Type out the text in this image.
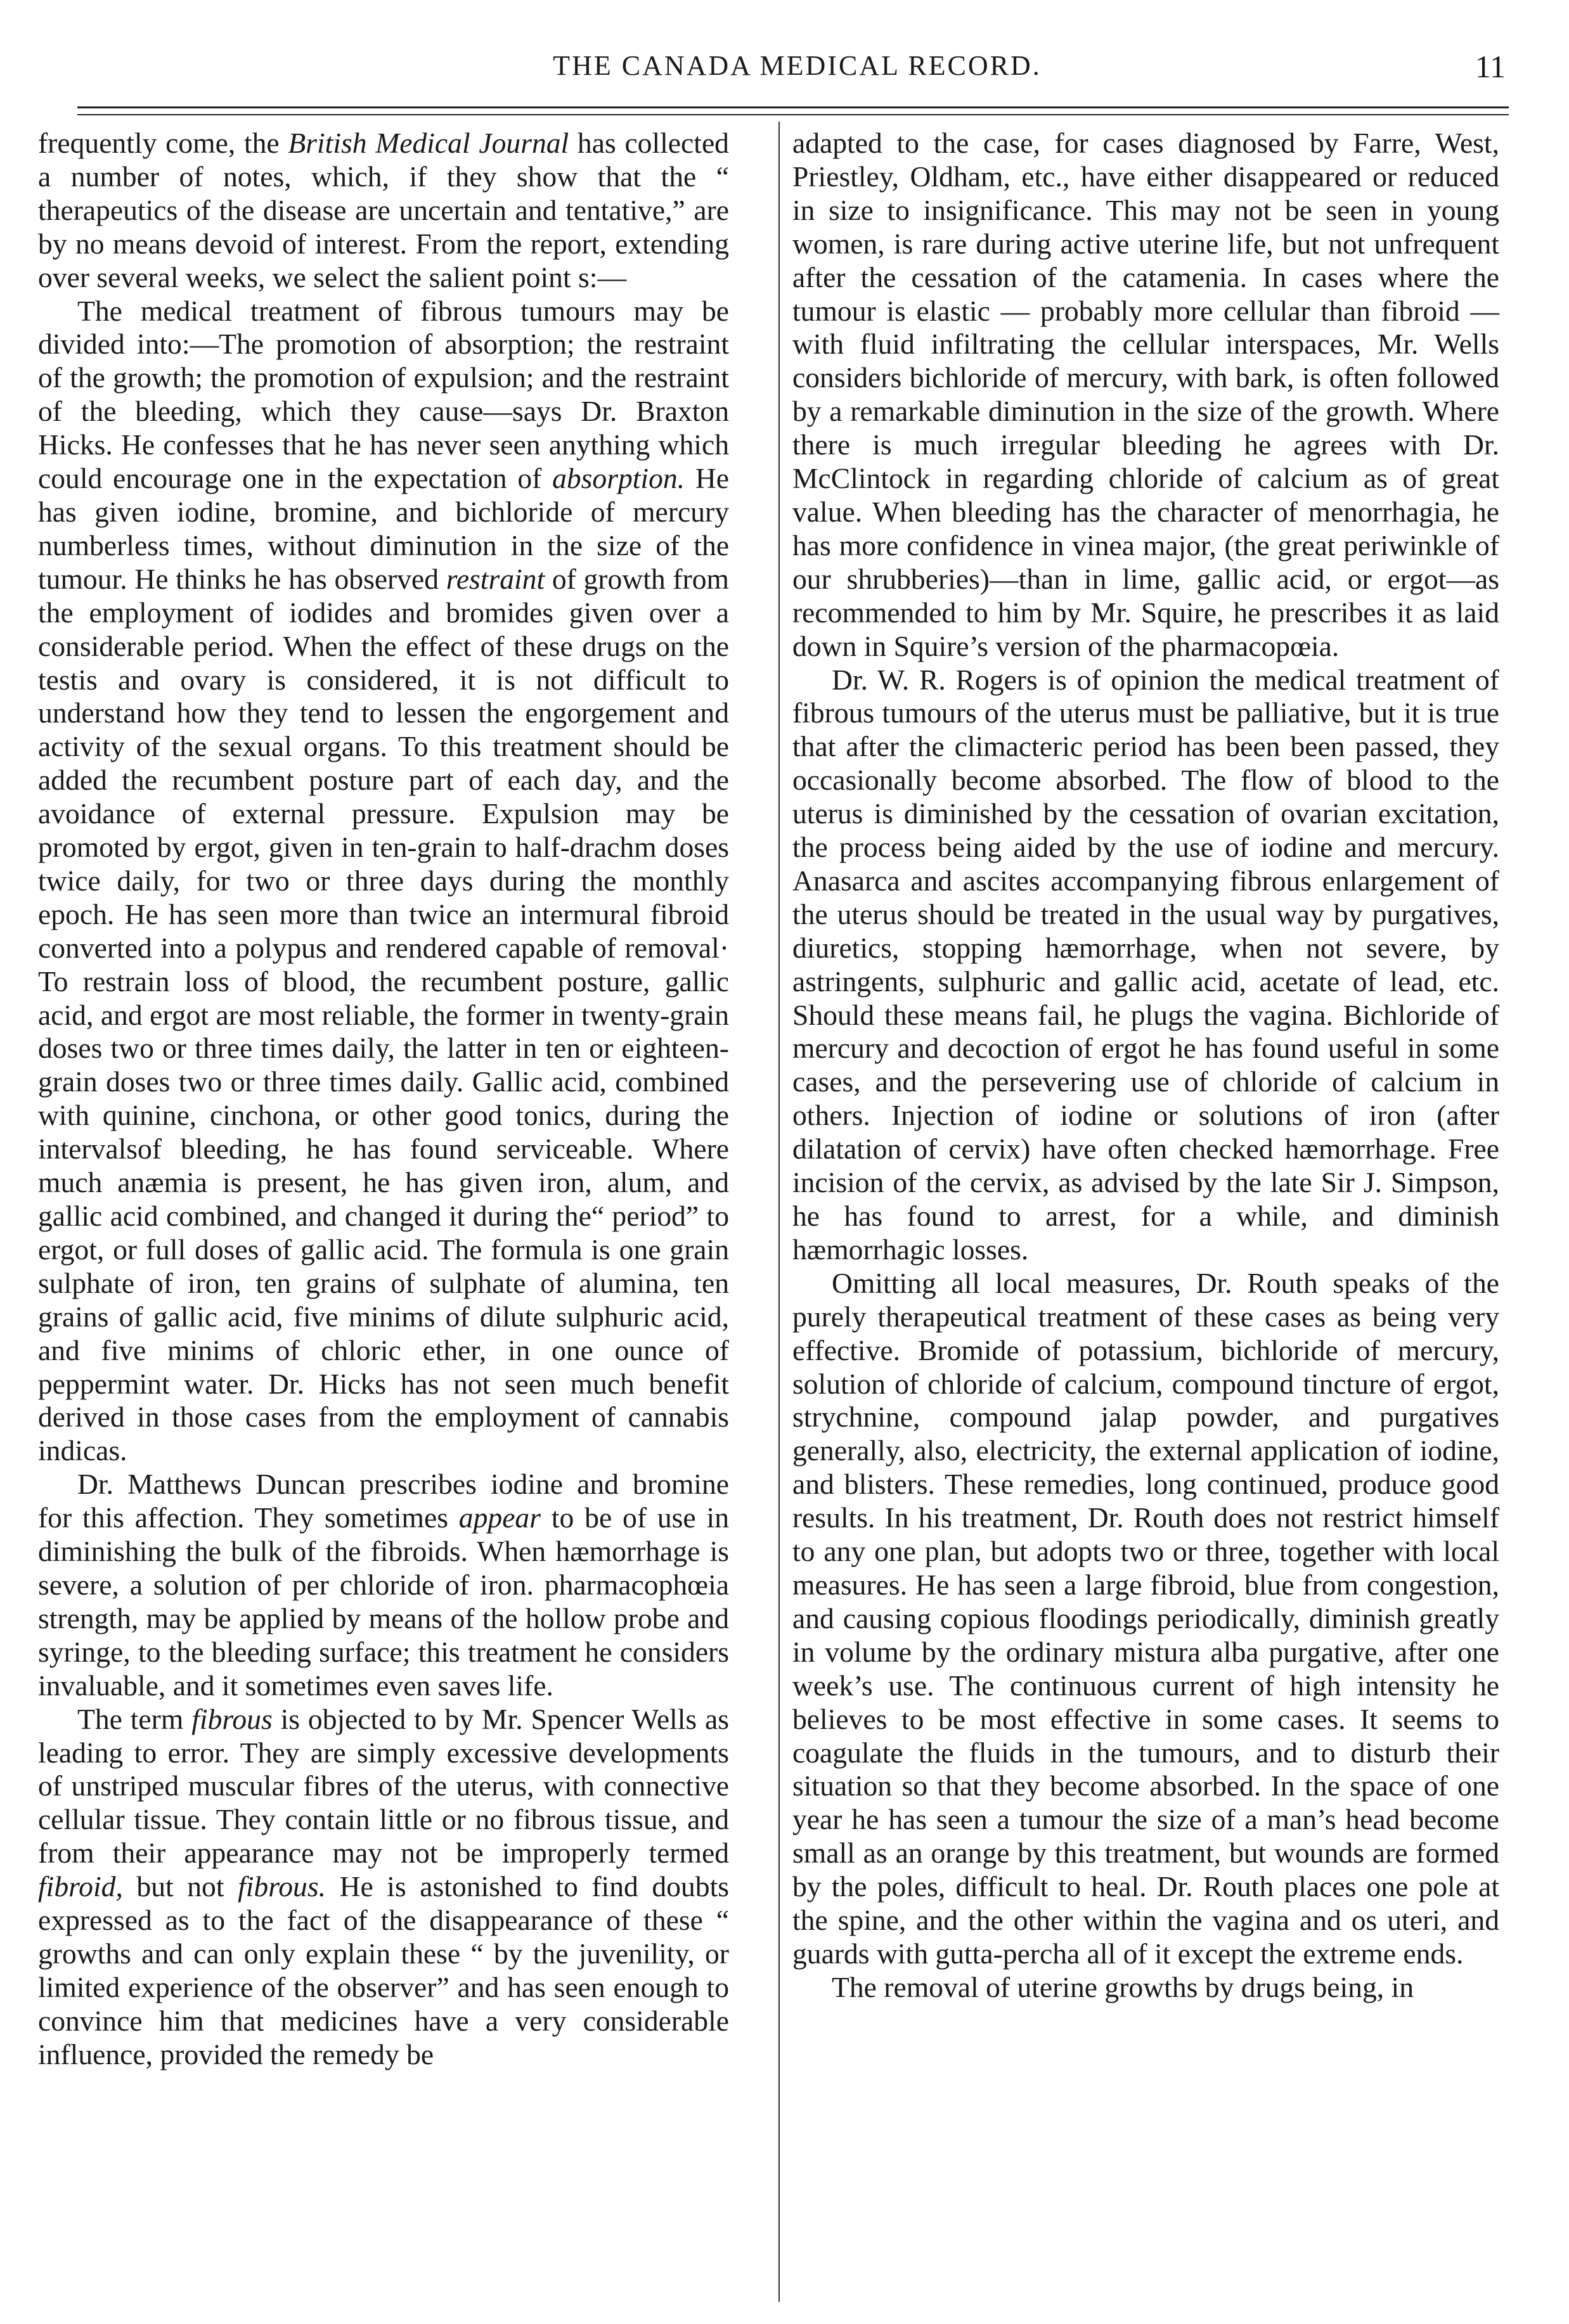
THE CANADA MEDICAL RECORD.	11

frequently come, the British Medical Journal has collected a number of notes, which, if they show that the “ therapeutics of the disease are uncertain and tentative,” are by no means devoid of interest. From the report, extending over several weeks, we select the salient point s:—

The medical treatment of fibrous tumours may be divided into:—The promotion of absorption; the restraint of the growth; the promotion of expulsion; and the restraint of the bleeding, which they cause—says Dr. Braxton Hicks. He confesses that he has never seen anything which could encourage one in the expectation of absorption. He has given iodine, bromine, and bichloride of mercury numberless times, without diminution in the size of the tumour. He thinks he has observed restraint of growth from the employment of iodides and bromides given over a considerable period. When the effect of these drugs on the testis and ovary is considered, it is not difficult to understand how they tend to lessen the engorgement and activity of the sexual organs. To this treatment should be added the recumbent posture part of each day, and the avoidance of external pressure. Expulsion may be promoted by ergot, given in ten-grain to half-drachm doses twice daily, for two or three days during the monthly epoch. He has seen more than twice an intermural fibroid converted into a polypus and rendered capable of removal· To restrain loss of blood, the recumbent posture, gallic acid, and ergot are most reliable, the former in twenty-grain doses two or three times daily, the latter in ten or eighteen-grain doses two or three times daily. Gallic acid, combined with quinine, cinchona, or other good tonics, during the intervalsof bleeding, he has found serviceable. Where much anæmia is present, he has given iron, alum, and gallic acid combined, and changed it during the“ period” to ergot, or full doses of gallic acid. The formula is one grain sulphate of iron, ten grains of sulphate of alumina, ten grains of gallic acid, five minims of dilute sulphuric acid, and five minims of chloric ether, in one ounce of peppermint water. Dr. Hicks has not seen much benefit derived in those cases from the employment of cannabis indicas.

Dr. Matthews Duncan prescribes iodine and bromine for this affection. They sometimes appear to be of use in diminishing the bulk of the fibroids. When hæmorrhage is severe, a solution of per chloride of iron. pharmacophœia strength, may be applied by means of the hollow probe and syringe, to the bleeding surface; this treatment he considers invaluable, and it sometimes even saves life.

The term fibrous is objected to by Mr. Spencer Wells as leading to error. They are simply excessive developments of unstriped muscular fibres of the uterus, with connective cellular tissue. They contain little or no fibrous tissue, and from their appearance may not be improperly termed fibroid, but not fibrous. He is astonished to find doubts expressed as to the fact of the disappearance of these “ growths and can only explain these “ by the juvenility, or limited experience of the observer” and has seen enough to convince him that medicines have a very considerable influence, provided the remedy be

adapted to the case, for cases diagnosed by Farre, West, Priestley, Oldham, etc., have either disappeared or reduced in size to insignificance. This may not be seen in young women, is rare during active uterine life, but not unfrequent after the cessation of the catamenia. In cases where the tumour is elastic — probably more cellular than fibroid — with fluid infiltrating the cellular interspaces, Mr. Wells considers bichloride of mercury, with bark, is often followed by a remarkable diminution in the size of the growth. Where there is much irregular bleeding he agrees with Dr. McClintock in regarding chloride of calcium as of great value. When bleeding has the character of menorrhagia, he has more confidence in vinea major, (the great periwinkle of our shrubberies)—than in lime, gallic acid, or ergot—as recommended to him by Mr. Squire, he prescribes it as laid down in Squire’s version of the pharmacopœia.

Dr. W. R. Rogers is of opinion the medical treatment of fibrous tumours of the uterus must be palliative, but it is true that after the climacteric period has been been passed, they occasionally become absorbed. The flow of blood to the uterus is diminished by the cessation of ovarian excitation, the process being aided by the use of iodine and mercury. Anasarca and ascites accompanying fibrous enlargement of the uterus should be treated in the usual way by purgatives, diuretics, stopping hæmorrhage, when not severe, by astringents, sulphuric and gallic acid, acetate of lead, etc. Should these means fail, he plugs the vagina. Bichloride of mercury and decoction of ergot he has found useful in some cases, and the persevering use of chloride of calcium in others. Injection of iodine or solutions of iron (after dilatation of cervix) have often checked hæmorrhage. Free incision of the cervix, as advised by the late Sir J. Simpson, he has found to arrest, for a while, and diminish hæmorrhagic losses.

Omitting all local measures, Dr. Routh speaks of the purely therapeutical treatment of these cases as being very effective. Bromide of potassium, bichloride of mercury, solution of chloride of calcium, compound tincture of ergot, strychnine, compound jalap powder, and purgatives generally, also, electricity, the external application of iodine, and blisters. These remedies, long continued, produce good results. In his treatment, Dr. Routh does not restrict himself to any one plan, but adopts two or three, together with local measures. He has seen a large fibroid, blue from congestion, and causing copious floodings periodically, diminish greatly in volume by the ordinary mistura alba purgative, after one week’s use. The continuous current of high intensity he believes to be most effective in some cases. It seems to coagulate the fluids in the tumours, and to disturb their situation so that they become absorbed. In the space of one year he has seen a tumour the size of a man’s head become small as an orange by this treatment, but wounds are formed by the poles, difficult to heal. Dr. Routh places one pole at the spine, and the other within the vagina and os uteri, and guards with gutta-percha all of it except the extreme ends.

The removal of uterine growths by drugs being, in
